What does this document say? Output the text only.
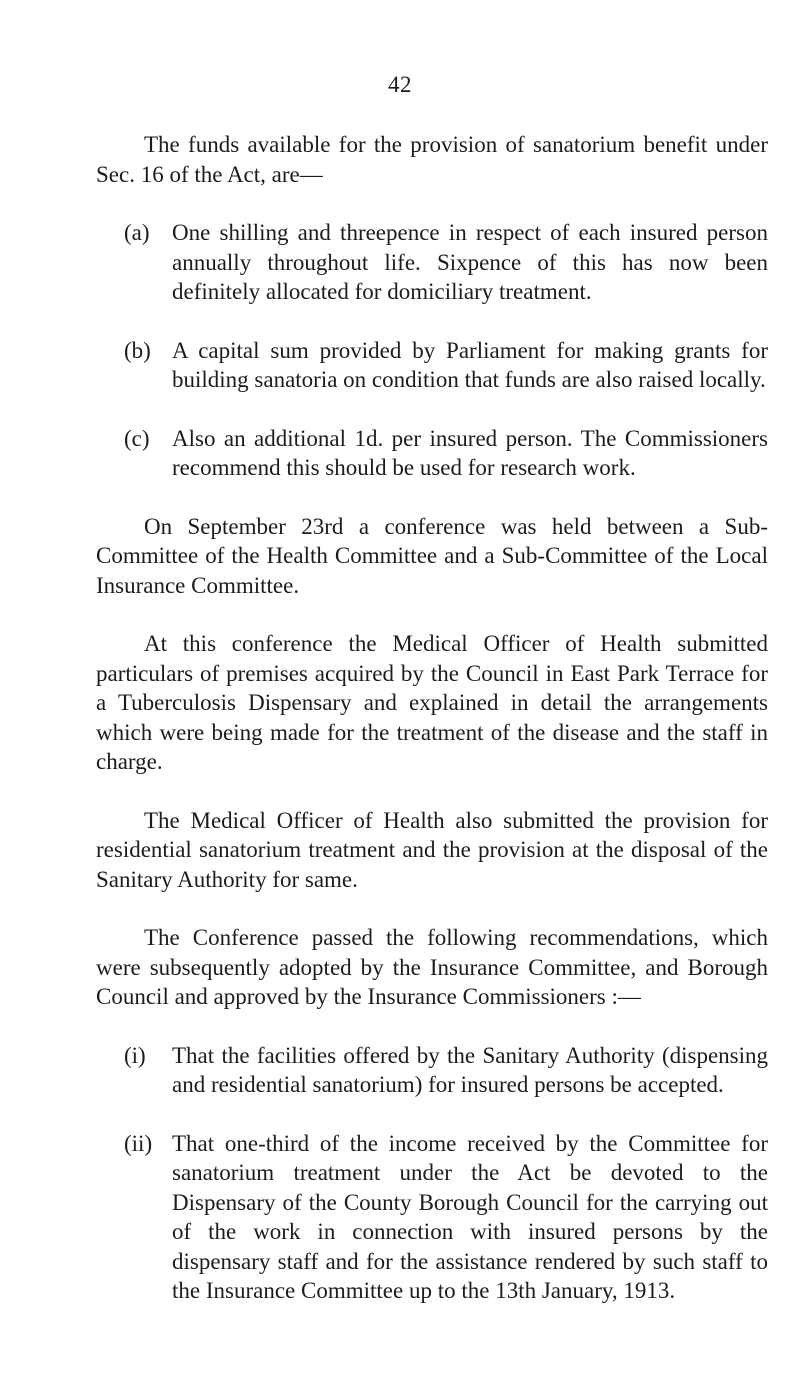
42

The funds available for the provision of sanatorium benefit under Sec. 16 of the Act, are—

(a) One shilling and threepence in respect of each insured person annually throughout life. Sixpence of this has now been definitely allocated for domiciliary treatment.
(b) A capital sum provided by Parliament for making grants for building sanatoria on condition that funds are also raised locally.
(c) Also an additional 1d. per insured person. The Commissioners recommend this should be used for research work.

On September 23rd a conference was held between a Sub-Committee of the Health Committee and a Sub-Committee of the Local Insurance Committee.

At this conference the Medical Officer of Health submitted particulars of premises acquired by the Council in East Park Terrace for a Tuberculosis Dispensary and explained in detail the arrangements which were being made for the treatment of the disease and the staff in charge.

The Medical Officer of Health also submitted the provision for residential sanatorium treatment and the provision at the disposal of the Sanitary Authority for same.

The Conference passed the following recommendations, which were subsequently adopted by the Insurance Committee, and Borough Council and approved by the Insurance Commissioners :—

(i)	That the facilities offered by the Sanitary Authority (dispensing and residential sanatorium) for insured persons be accepted.
(ii) That one-third of the income received by the Committee for sanatorium treatment under the Act be devoted to the Dispensary of the County Borough Council for the carrying out of the work in connection with insured persons by the dispensary staff and for the assistance rendered by such staff to the Insurance Committee up to the 13th January, 1913.
